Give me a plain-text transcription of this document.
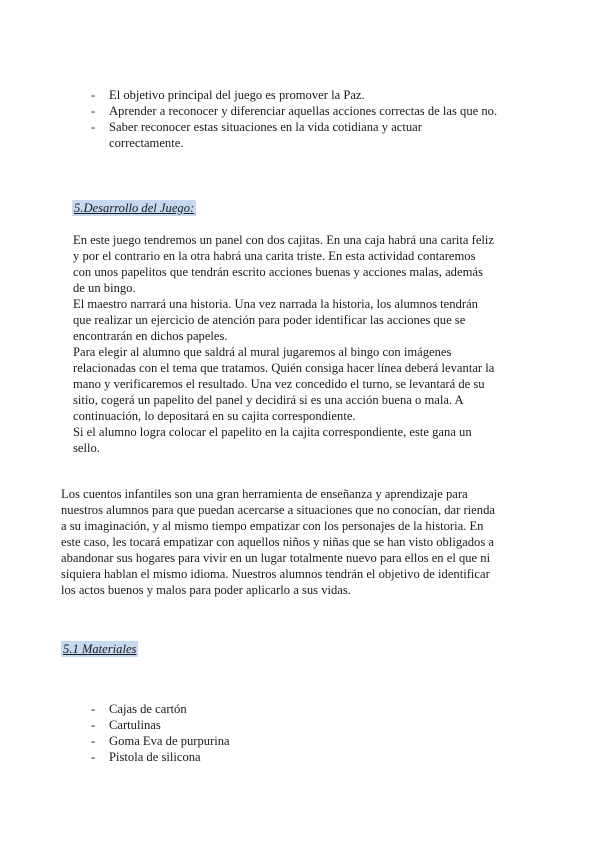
- El objetivo principal del juego es promover la Paz.
- Aprender a reconocer y diferenciar aquellas acciones correctas de las que no.
- Saber reconocer estas situaciones en la vida cotidiana y actuar correctamente.
5.Desarrollo del Juego:

En este juego tendremos un panel con dos cajitas. En una caja habrá una carita feliz
y por el contrario en la otra habrá una carita triste. En esta actividad contaremos
con unos papelitos que tendrán escrito acciones buenas y acciones malas, además
de un bingo.
El maestro narrará una historia. Una vez narrada la historia, los alumnos tendrán
que realizar un ejercicio de atención para poder identificar las acciones que se
encontrarán en dichos papeles.
Para elegir al alumno que saldrá al mural jugaremos al bingo con imágenes
relacionadas con el tema que tratamos. Quién consiga hacer línea deberá levantar la
mano y verificaremos el resultado. Una vez concedido el turno, se levantará de su
sitio, cogerá un papelito del panel y decidirá si es una acción buena o mala. A
continuación, lo depositará en su cajita correspondiente.
Si el alumno logra colocar el papelito en la cajita correspondiente, este gana un
sello.

Los cuentos infantiles son una gran herramienta de enseñanza y aprendizaje para
nuestros alumnos para que puedan acercarse a situaciones que no conocían, dar rienda
a su imaginación, y al mismo tiempo empatizar con los personajes de la historia. En
este caso, les tocará empatizar con aquellos niños y niñas que se han visto obligados a
abandonar sus hogares para vivir en un lugar totalmente nuevo para ellos en el que ni
siquiera hablan el mismo idioma. Nuestros alumnos tendrán el objetivo de identificar
los actos buenos y malos para poder aplicarlo a sus vidas.

5.1 Materiales
- Cajas de cartón
- Cartulinas
- Goma Eva de purpurina
- Pistola de silicona
